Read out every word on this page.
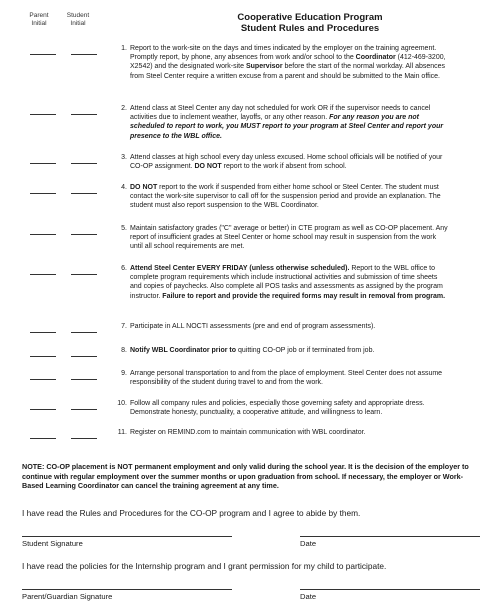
Parent
Initial
Student
Initial
Cooperative Education Program
Student Rules and Procedures
1. Report to the work-site on the days and times indicated by the employer on the training agreement. Promptly report, by phone, any absences from work and/or school to the Coordinator (412-469-3200, X2542) and the designated work-site Supervisor before the start of the normal workday. All absences from Steel Center require a written excuse from a parent and should be submitted to the Main office.
2. Attend class at Steel Center any day not scheduled for work OR if the supervisor needs to cancel activities due to inclement weather, layoffs, or any other reason. For any reason you are not scheduled to report to work, you MUST report to your program at Steel Center and report your presence to the WBL office.
3. Attend classes at high school every day unless excused. Home school officials will be notified of your CO-OP assignment. DO NOT report to the work if absent from school.
4. DO NOT report to the work if suspended from either home school or Steel Center. The student must contact the work-site supervisor to call off for the suspension period and provide an explanation. The student must also report suspension to the WBL Coordinator.
5. Maintain satisfactory grades ("C" average or better) in CTE program as well as CO-OP placement. Any report of insufficient grades at Steel Center or home school may result in suspension from the work until all school requirements are met.
6. Attend Steel Center EVERY FRIDAY (unless otherwise scheduled). Report to the WBL office to complete program requirements which include instructional activities and submission of time sheets and copies of paychecks. Also complete all POS tasks and assessments as assigned by the program instructor. Failure to report and provide the required forms may result in removal from program.
7. Participate in ALL NOCTI assessments (pre and end of program assessments).
8. Notify WBL Coordinator prior to quitting CO-OP job or if terminated from job.
9. Arrange personal transportation to and from the place of employment. Steel Center does not assume responsibility of the student during travel to and from the work.
10. Follow all company rules and policies, especially those governing safety and appropriate dress. Demonstrate honesty, punctuality, a cooperative attitude, and willingness to learn.
11. Register on REMIND.com to maintain communication with WBL coordinator.
NOTE: CO-OP placement is NOT permanent employment and only valid during the school year. It is the decision of the employer to continue with regular employment over the summer months or upon graduation from school. If necessary, the employer or Work-Based Learning Coordinator can cancel the training agreement at any time.
I have read the Rules and Procedures for the CO-OP program and I agree to abide by them.
Student Signature	Date
I have read the policies for the Internship program and I grant permission for my child to participate.
Parent/Guardian Signature	Date
